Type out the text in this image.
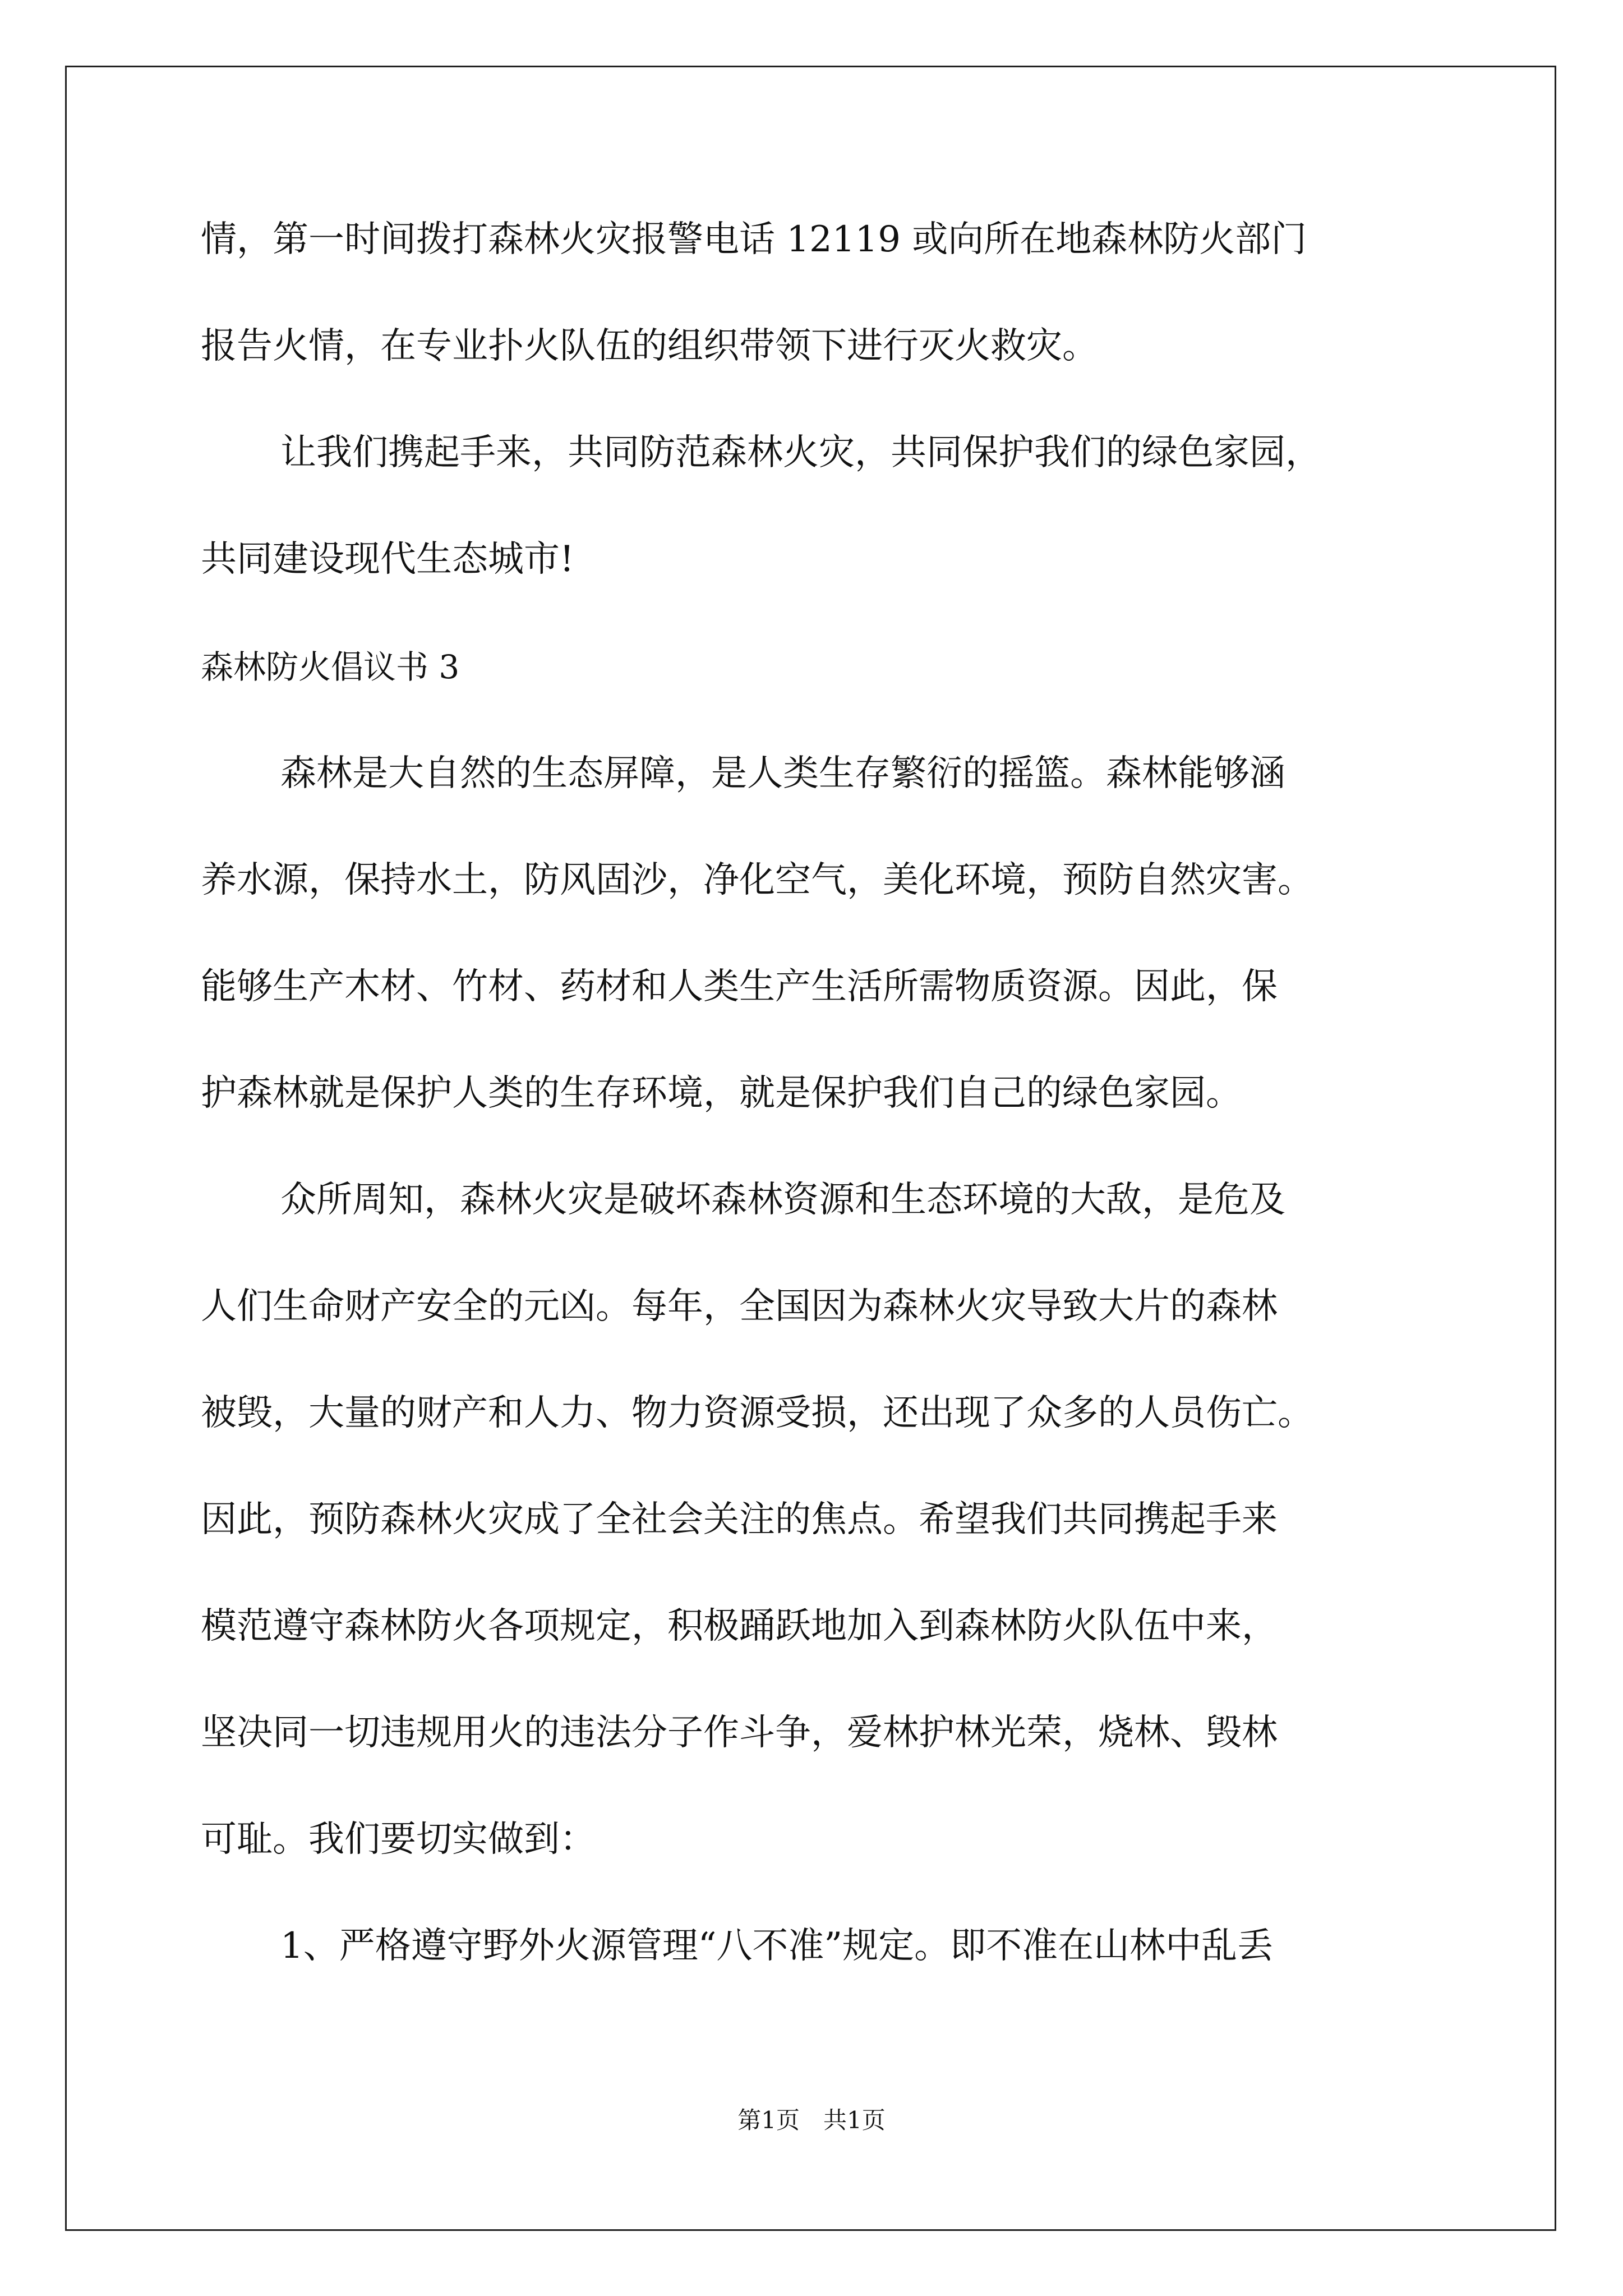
情，第一时间拨打森林火灾报警电话 12119 或向所在地森林防火部门
报告火情，在专业扑火队伍的组织带领下进行灭火救灾。
让我们携起手来，共同防范森林火灾，共同保护我们的绿色家园，
共同建设现代生态城市!
森林防火倡议书 3
森林是大自然的生态屏障，是人类生存繁衍的摇篮。森林能够涵
养水源，保持水土，防风固沙，净化空气，美化环境，预防自然灾害。
能够生产木材、竹材、药材和人类生产生活所需物质资源。因此，保
护森林就是保护人类的生存环境，就是保护我们自己的绿色家园。
众所周知，森林火灾是破坏森林资源和生态环境的大敌，是危及
人们生命财产安全的元凶。每年，全国因为森林火灾导致大片的森林
被毁，大量的财产和人力、物力资源受损，还出现了众多的人员伤亡。
因此，预防森林火灾成了全社会关注的焦点。希望我们共同携起手来
模范遵守森林防火各项规定，积极踊跃地加入到森林防火队伍中来，
坚决同一切违规用火的违法分子作斗争，爱林护林光荣，烧林、毁林
可耻。我们要切实做到：
1、严格遵守野外火源管理“八不准”规定。即不准在山林中乱丢
第1页　共1页
